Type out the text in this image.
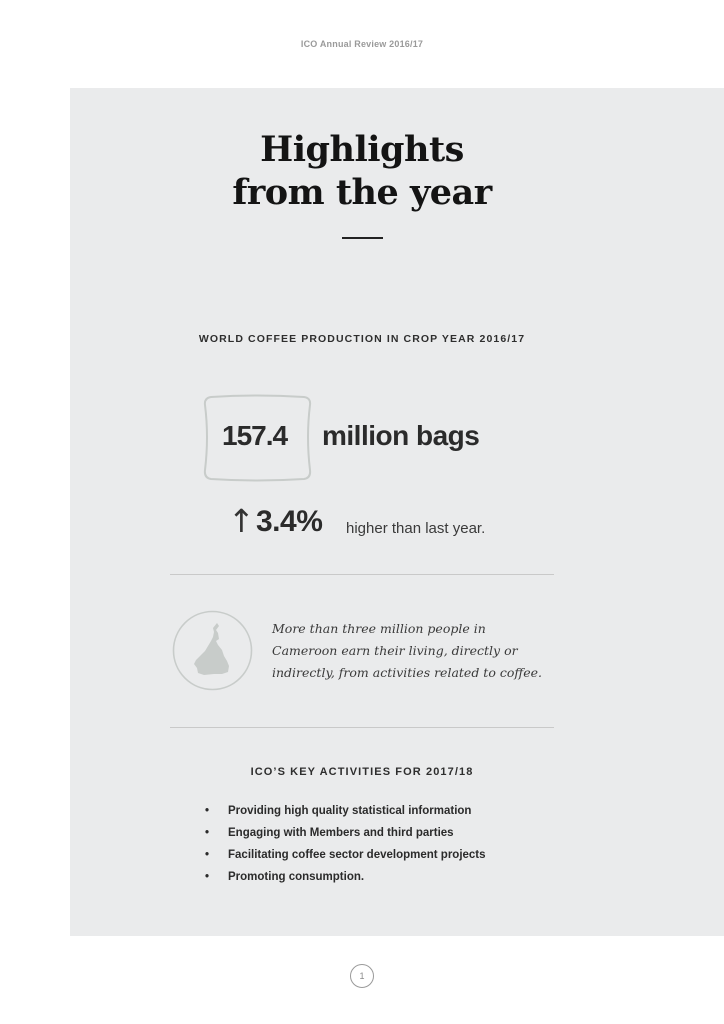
ICO Annual Review 2016/17
Highlights
from the year
WORLD COFFEE PRODUCTION IN CROP YEAR 2016/17
157.4 million bags
↑ 3.4% higher than last year.
More than three million people in Cameroon earn their living, directly or indirectly, from activities related to coffee.
ICO’S KEY ACTIVITIES FOR 2017/18
• Providing high quality statistical information
• Engaging with Members and third parties
• Facilitating coffee sector development projects
• Promoting consumption.
1
